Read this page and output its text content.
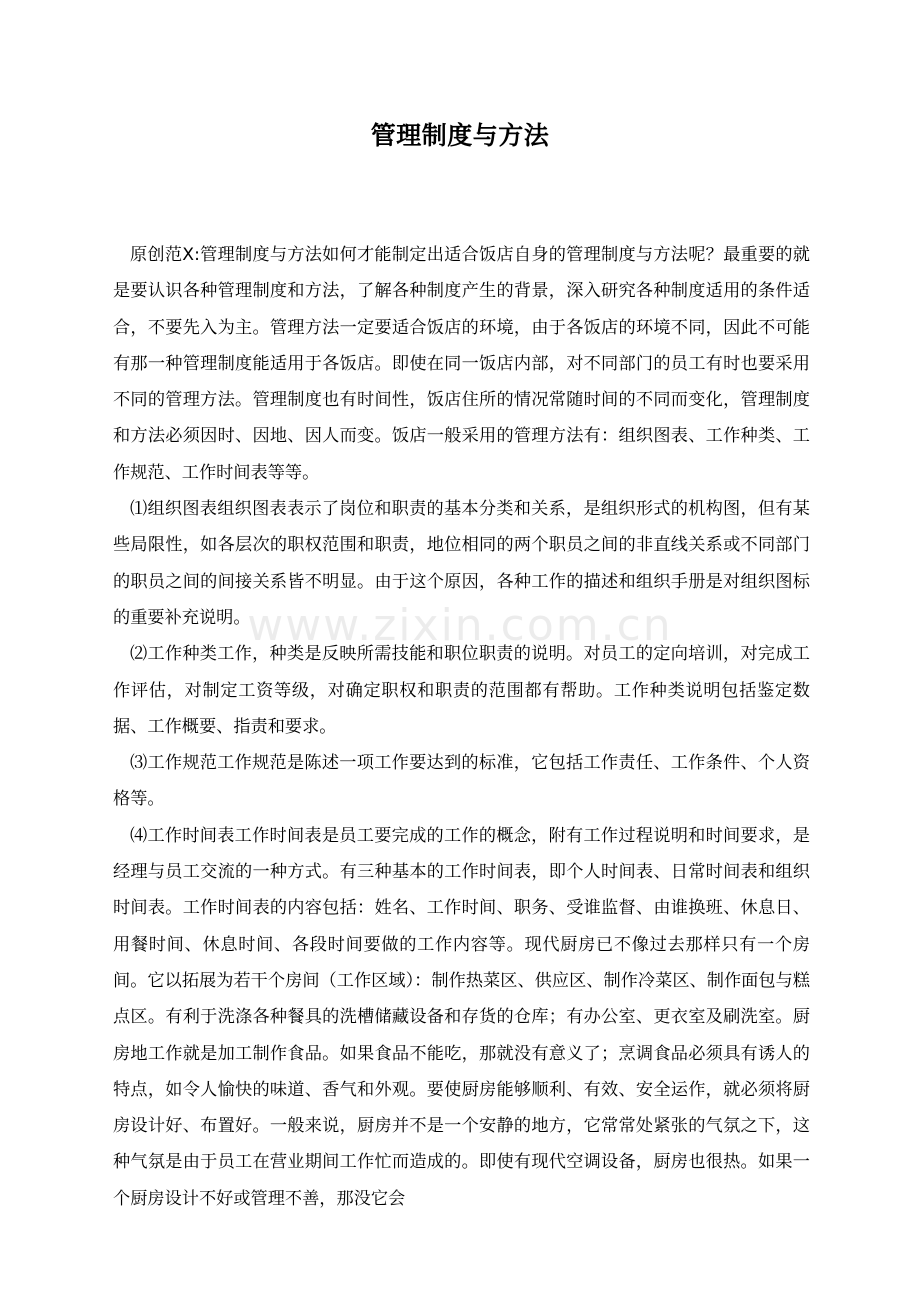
www.zixin.com.cn
管理制度与方法

原创范X:管理制度与方法如何才能制定出适合饭店自身的管理制度与方法呢？最重要的就是要认识各种管理制度和方法，了解各种制度产生的背景，深入研究各种制度适用的条件适合，不要先入为主。管理方法一定要适合饭店的环境，由于各饭店的环境不同，因此不可能有那一种管理制度能适用于各饭店。即使在同一饭店内部，对不同部门的员工有时也要采用不同的管理方法。管理制度也有时间性，饭店住所的情况常随时间的不同而变化，管理制度和方法必须因时、因地、因人而变。饭店一般采用的管理方法有：组织图表、工作种类、工作规范、工作时间表等等。

⑴组织图表组织图表表示了岗位和职责的基本分类和关系，是组织形式的机构图，但有某些局限性，如各层次的职权范围和职责，地位相同的两个职员之间的非直线关系或不同部门的职员之间的间接关系皆不明显。由于这个原因，各种工作的描述和组织手册是对组织图标的重要补充说明。

⑵工作种类工作，种类是反映所需技能和职位职责的说明。对员工的定向培训，对完成工作评估，对制定工资等级，对确定职权和职责的范围都有帮助。工作种类说明包括鉴定数据、工作概要、指责和要求。

⑶工作规范工作规范是陈述一项工作要达到的标准，它包括工作责任、工作条件、个人资格等。

⑷工作时间表工作时间表是员工要完成的工作的概念，附有工作过程说明和时间要求，是经理与员工交流的一种方式。有三种基本的工作时间表，即个人时间表、日常时间表和组织时间表。工作时间表的内容包括：姓名、工作时间、职务、受谁监督、由谁换班、休息日、用餐时间、休息时间、各段时间要做的工作内容等。现代厨房已不像过去那样只有一个房间。它以拓展为若干个房间（工作区域）：制作热菜区、供应区、制作冷菜区、制作面包与糕点区。有利于洗涤各种餐具的洗槽储藏设备和存货的仓库；有办公室、更衣室及刷洗室。厨房地工作就是加工制作食品。如果食品不能吃，那就没有意义了；烹调食品必须具有诱人的特点，如令人愉快的味道、香气和外观。要使厨房能够顺利、有效、安全运作，就必须将厨房设计好、布置好。一般来说，厨房并不是一个安静的地方，它常常处紧张的气氛之下，这种气氛是由于员工在营业期间工作忙而造成的。即使有现代空调设备，厨房也很热。如果一个厨房设计不好或管理不善，那没它会
